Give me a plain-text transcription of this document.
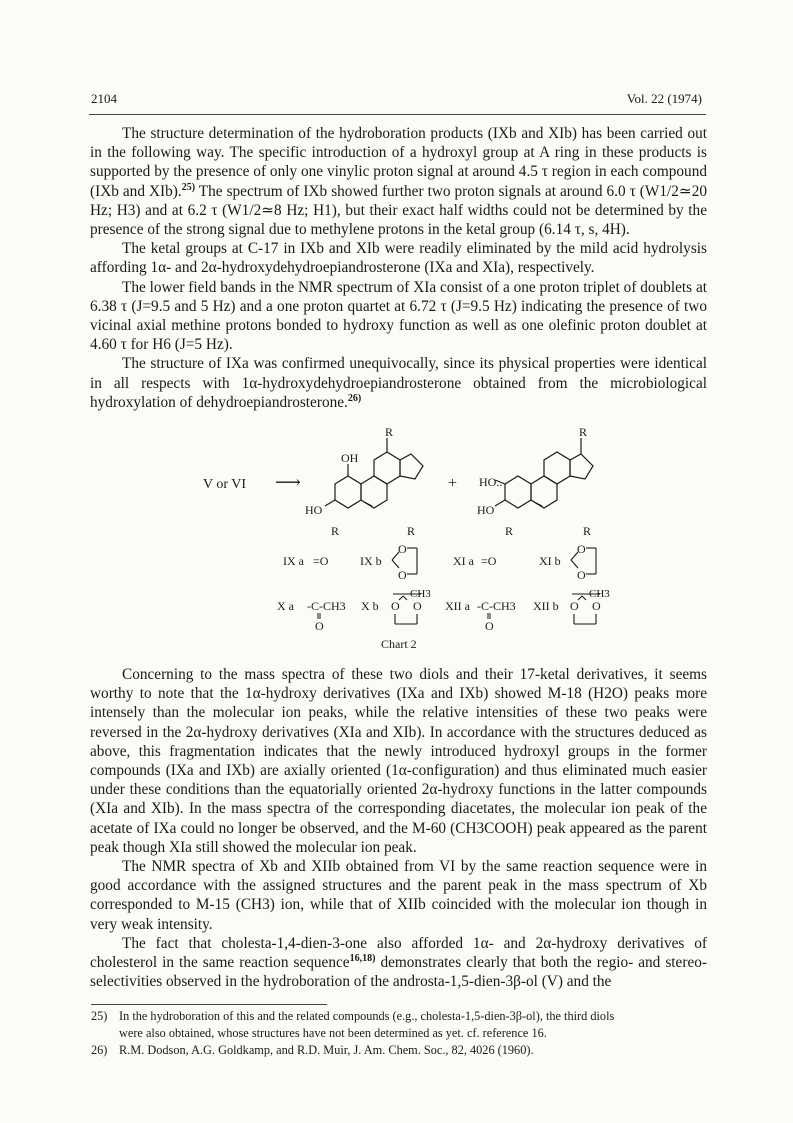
2104	Vol. 22 (1974)

The structure determination of the hydroboration products (IXb and XIb) has been carried out in the following way. The specific introduction of a hydroxyl group at A ring in these products is supported by the presence of only one vinylic proton signal at around 4.5 τ region in each compound (IXb and XIb).$^{25)}$ The spectrum of IXb showed further two proton signals at around 6.0 τ (W1/2≃20 Hz; H3) and at 6.2 τ (W1/2≃8 Hz; H1), but their exact half widths could not be determined by the presence of the strong signal due to methylene protons in the ketal group (6.14 τ, s, 4H).

The ketal groups at C-17 in IXb and XIb were readily eliminated by the mild acid hydrolysis affording 1α- and 2α-hydroxydehydroepiandrosterone (IXa and XIa), respectively.

The lower field bands in the NMR spectrum of XIa consist of a one proton triplet of doublets at 6.38 τ (J=9.5 and 5 Hz) and a one proton quartet at 6.72 τ (J=9.5 Hz) indicating the presence of two vicinal axial methine protons bonded to hydroxy function as well as one olefinic proton doublet at 4.60 τ for H6 (J=5 Hz).

The structure of IXa was confirmed unequivocally, since its physical properties were identical in all respects with 1α-hydroxydehydroepiandrosterone obtained from the microbiological hydroxylation of dehydroepiandrosterone.$^{26)}$

V or VI ⟶	+
R
OH
HO
R
HO..
HO
R	R	R	R
IX a =O	IX b
O
O
XI a =O	XI b
O
O
X a -C-CH3
O
X b
CH3
O O XII a -C-CH3
O
XII b
CH3
O O
Chart 2

Concerning to the mass spectra of these two diols and their 17-ketal derivatives, it seems worthy to note that the 1α-hydroxy derivatives (IXa and IXb) showed M-18 (H2O) peaks more intensely than the molecular ion peaks, while the relative intensities of these two peaks were reversed in the 2α-hydroxy derivatives (XIa and XIb). In accordance with the structures deduced as above, this fragmentation indicates that the newly introduced hydroxyl groups in the former compounds (IXa and IXb) are axially oriented (1α-configuration) and thus eliminated much easier under these conditions than the equatorially oriented 2α-hydroxy functions in the latter compounds (XIa and XIb). In the mass spectra of the corresponding diacetates, the molecular ion peak of the acetate of IXa could no longer be observed, and the M-60 (CH3COOH) peak appeared as the parent peak though XIa still showed the molecular ion peak.

The NMR spectra of Xb and XIIb obtained from VI by the same reaction sequence were in good accordance with the assigned structures and the parent peak in the mass spectrum of Xb corresponded to M-15 (CH3) ion, while that of XIIb coincided with the molecular ion though in very weak intensity.

The fact that cholesta-1,4-dien-3-one also afforded 1α- and 2α-hydroxy derivatives of cholesterol in the same reaction sequence$^{16,18)}$ demonstrates clearly that both the regio- and stereo-selectivities observed in the hydroboration of the androsta-1,5-dien-3β-ol (V) and the

25) In the hydroboration of this and the related compounds (e.g., cholesta-1,5-dien-3β-ol), the third diols
were also obtained, whose structures have not been determined as yet. cf. reference 16.
26) R.M. Dodson, A.G. Goldkamp, and R.D. Muir, J. Am. Chem. Soc., 82, 4026 (1960).
